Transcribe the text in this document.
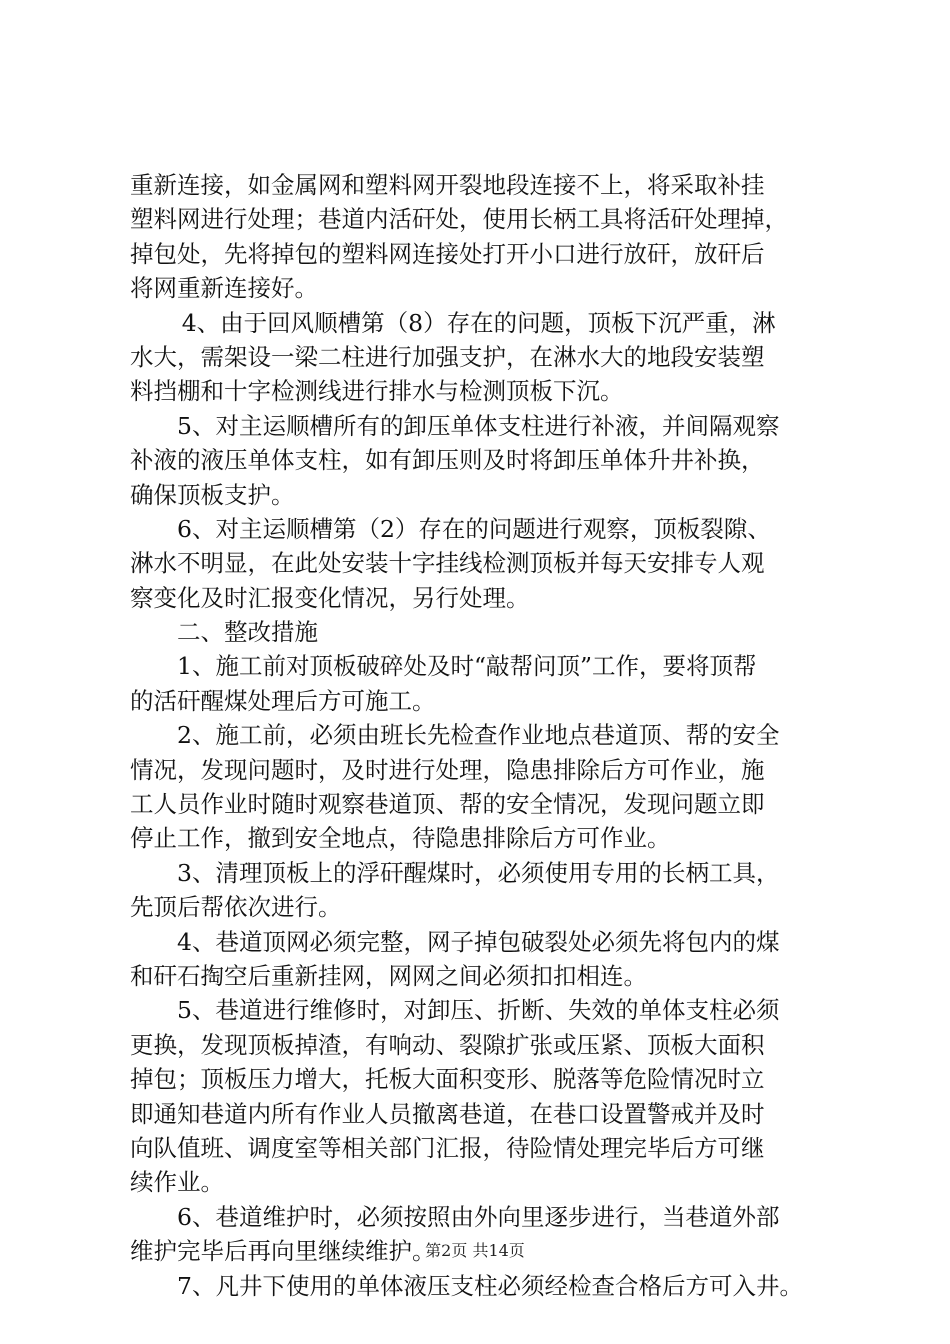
重新连接，如金属网和塑料网开裂地段连接不上，将采取补挂
塑料网进行处理；巷道内活矸处，使用长柄工具将活矸处理掉，
掉包处，先将掉包的塑料网连接处打开小口进行放矸，放矸后
将网重新连接好。
4、由于回风顺槽第（8）存在的问题，顶板下沉严重，淋
水大，需架设一梁二柱进行加强支护，在淋水大的地段安装塑
料挡棚和十字检测线进行排水与检测顶板下沉。
5、对主运顺槽所有的卸压单体支柱进行补液，并间隔观察
补液的液压单体支柱，如有卸压则及时将卸压单体升井补换，
确保顶板支护。
6、对主运顺槽第（2）存在的问题进行观察，顶板裂隙、
淋水不明显，在此处安装十字挂线检测顶板并每天安排专人观
察变化及时汇报变化情况，另行处理。
二、整改措施
1、施工前对顶板破碎处及时“敲帮问顶”工作，要将顶帮
的活矸醒煤处理后方可施工。
2、施工前，必须由班长先检查作业地点巷道顶、帮的安全
情况，发现问题时，及时进行处理，隐患排除后方可作业，施
工人员作业时随时观察巷道顶、帮的安全情况，发现问题立即
停止工作，撤到安全地点，待隐患排除后方可作业。
3、清理顶板上的浮矸醒煤时，必须使用专用的长柄工具，
先顶后帮依次进行。
4、巷道顶网必须完整，网子掉包破裂处必须先将包内的煤
和矸石掏空后重新挂网，网网之间必须扣扣相连。
5、巷道进行维修时，对卸压、折断、失效的单体支柱必须
更换，发现顶板掉渣，有响动、裂隙扩张或压紧、顶板大面积
掉包；顶板压力增大，托板大面积变形、脱落等危险情况时立
即通知巷道内所有作业人员撤离巷道，在巷口设置警戒并及时
向队值班、调度室等相关部门汇报，待险情处理完毕后方可继
续作业。
6、巷道维护时，必须按照由外向里逐步进行，当巷道外部
维护完毕后再向里继续维护。
7、凡井下使用的单体液压支柱必须经检查合格后方可入井。
第2页 共14页
